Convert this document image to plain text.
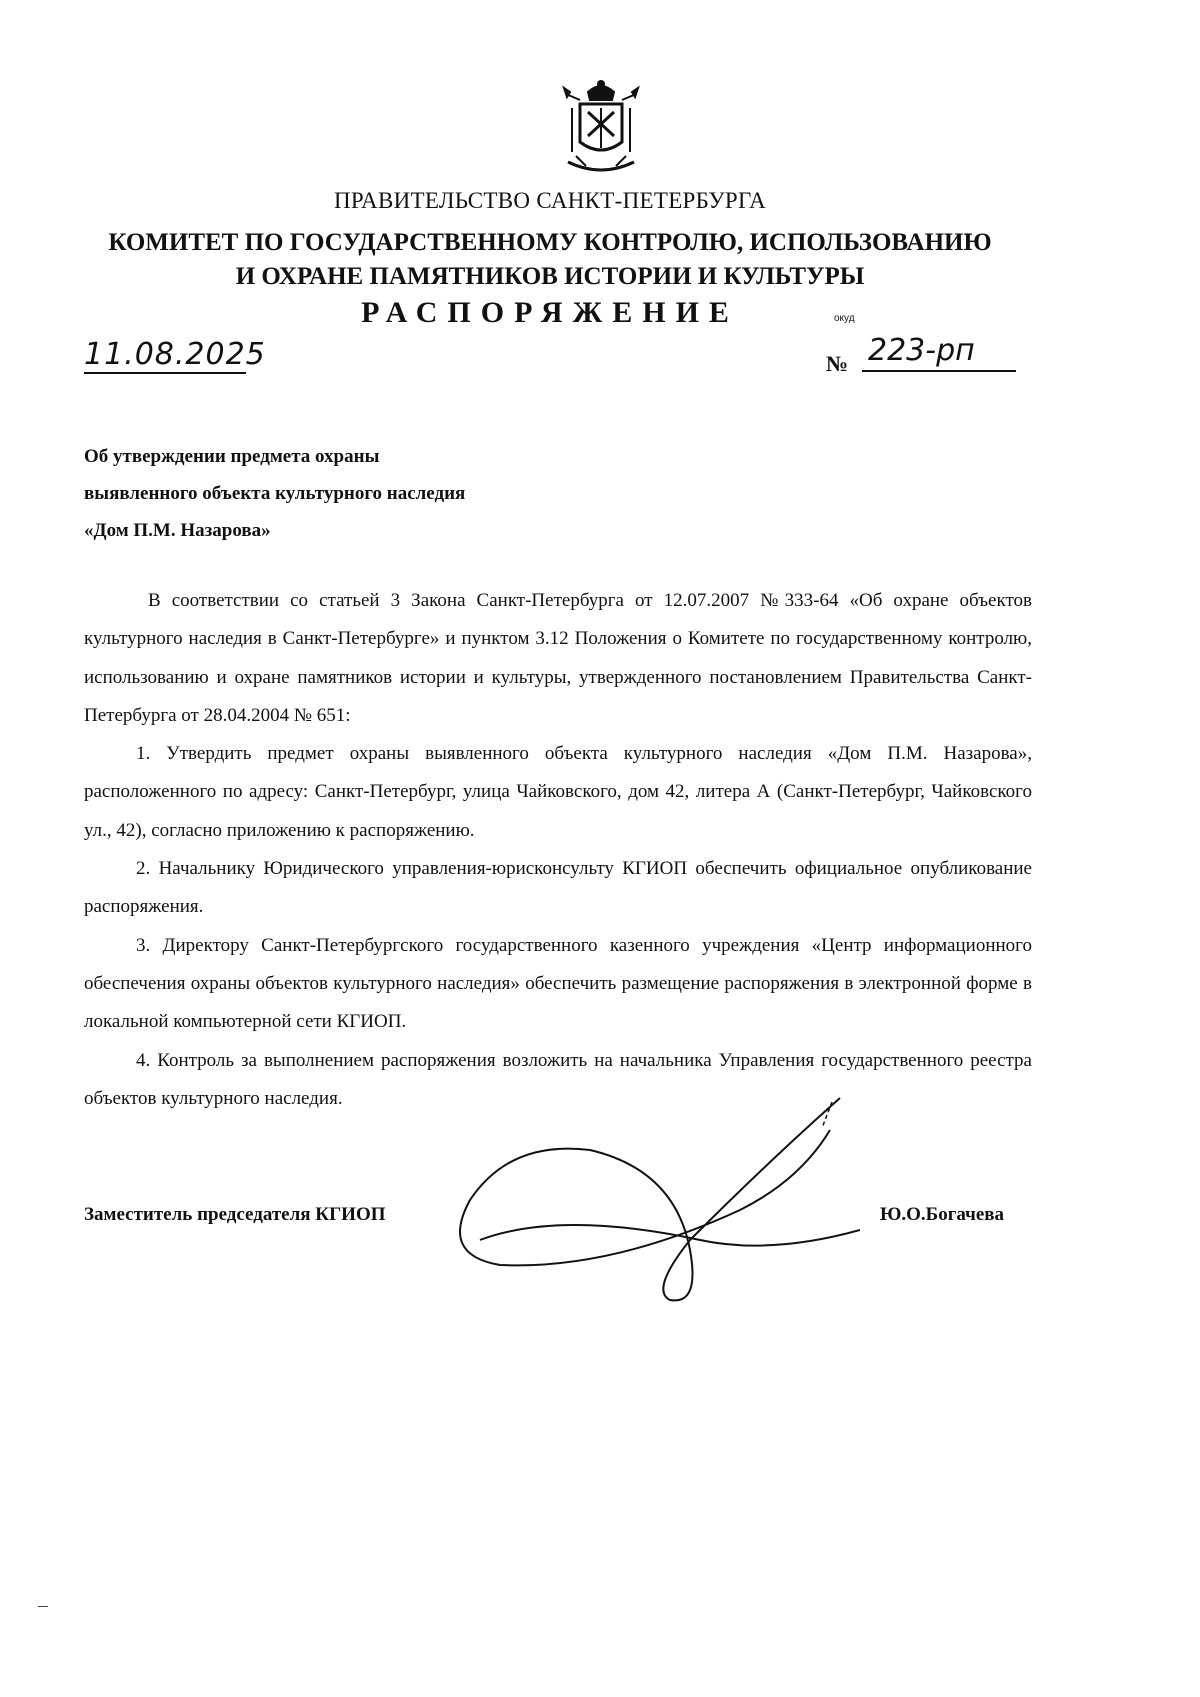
ПРАВИТЕЛЬСТВО САНКТ-ПЕТЕРБУРГА
КОМИТЕТ ПО ГОСУДАРСТВЕННОМУ КОНТРОЛЮ, ИСПОЛЬЗОВАНИЮ
И ОХРАНЕ ПАМЯТНИКОВ ИСТОРИИ И КУЛЬТУРЫ
РАСПОРЯЖЕНИЕ	окуд
11.08.2025	№ 223-рп
Об утверждении предмета охраны
выявленного объекта культурного наследия
«Дом П.М. Назарова»

В соответствии со статьей 3 Закона Санкт-Петербурга от 12.07.2007 №333-64 «Об охране объектов культурного наследия в Санкт-Петербурге» и пунктом 3.12 Положения о Комитете по государственному контролю, использованию и охране памятников истории и культуры, утвержденного постановлением Правительства Санкт-Петербурга от 28.04.2004 № 651:

1. Утвердить предмет охраны выявленного объекта культурного наследия «Дом П.М. Назарова», расположенного по адресу: Санкт-Петербург, улица Чайковского, дом 42, литера А (Санкт-Петербург, Чайковского ул., 42), согласно приложению к распоряжению.

2. Начальнику Юридического управления-юрисконсульту КГИОП обеспечить официальное опубликование распоряжения.

3. Директору Санкт-Петербургского государственного казенного учреждения «Центр информационного обеспечения охраны объектов культурного наследия» обеспечить размещение распоряжения в электронной форме в локальной компьютерной сети КГИОП.

4. Контроль за выполнением распоряжения возложить на начальника Управления государственного реестра объектов культурного наследия.

Заместитель председателя КГИОП	Ю.О.Богачева
